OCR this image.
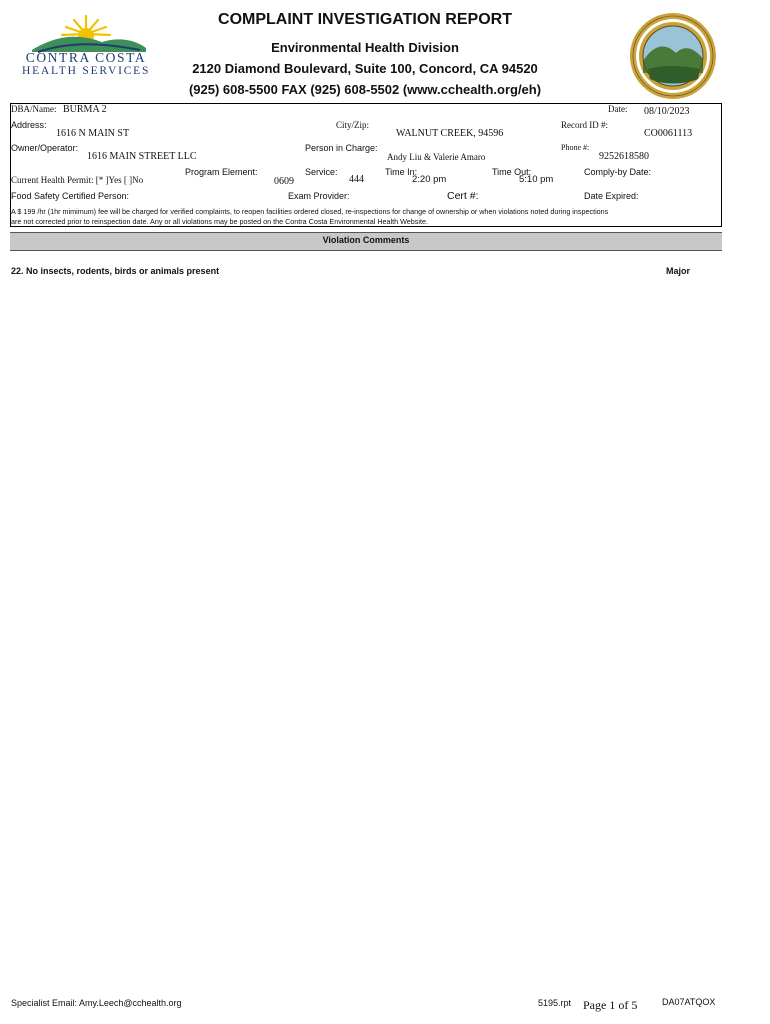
CONTRA COSTA
HEALTH SERVICES
COMPLAINT INVESTIGATION REPORT
Environmental Health Division
2120 Diamond Boulevard, Suite 100, Concord, CA 94520
(925) 608-5500 FAX (925) 608-5502 (www.cchealth.org/eh)
DBA/Name: BURMA 2	Date: 08/10/2023
Address:
1616 N MAIN ST
City/Zip:
WALNUT CREEK, 94596
Record ID #:
CO0061113
Owner/Operator:
1616 MAIN STREET LLC
Person in Charge:
Andy Liu & Valerie Amaro
Phone #:
9252618580
Current Health Permit: [* ]Yes [ ]No
Program Element:
0609
Service:
444
Time In:
2:20 pm
Time Out:
5:10 pm
Comply-by Date:
Food Safety Certified Person:	Exam Provider:	Cert #:	Date Expired:
A $ 199 /hr (1hr mimimum) fee will be charged for verified complaints, to reopen facilities ordered closed, re-inspections for change of ownership or when violations noted during inspections are not corrected prior to reinspection date. Any or all violations may be posted on the Contra Costa Environmental Health Website.
Violation Comments
22. No insects, rodents, birds or animals present	Major
Specialist Email: Amy.Leech@cchealth.org	5195.rpt Page 1 of 5	DA07ATQOX
